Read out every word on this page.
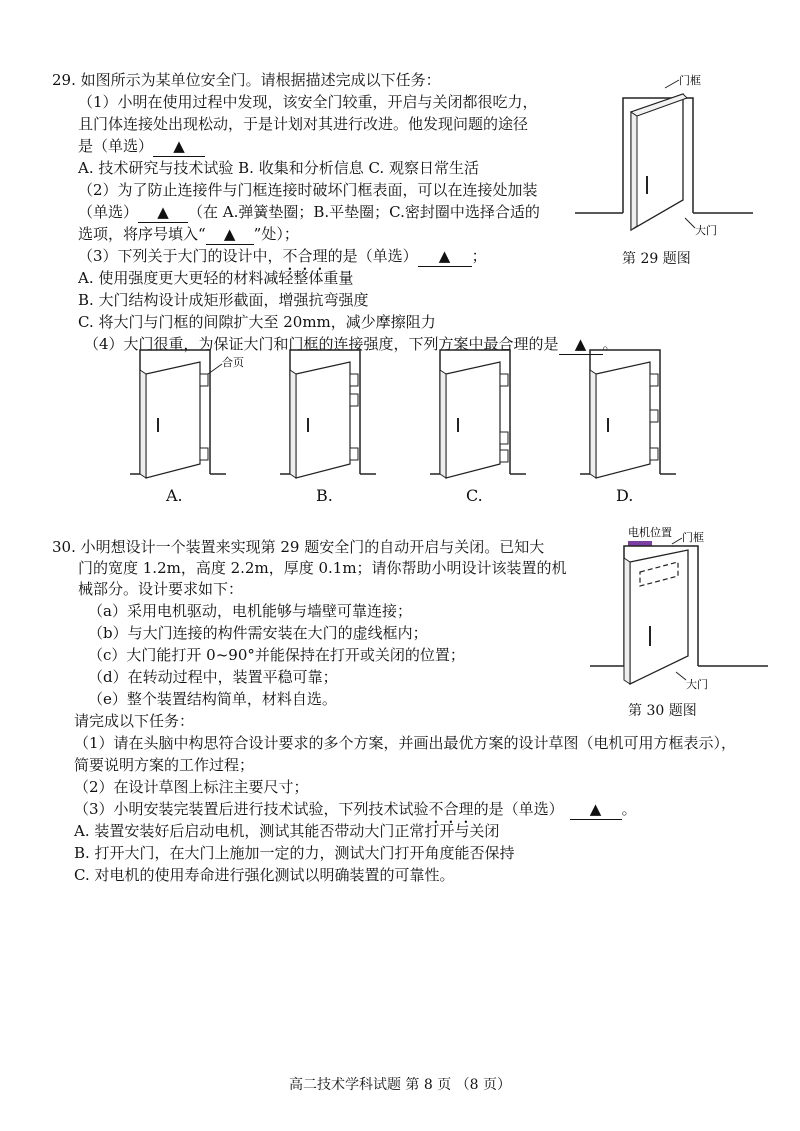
29. 如图所示为某单位安全门。请根据描述完成以下任务：
（1）小明在使用过程中发现，该安全门较重，开启与关闭都很吃力，
且门体连接处出现松动，于是计划对其进行改进。他发现问题的途径
是（单选） ▲
A. 技术研究与技术试验 B. 收集和分析信息 C. 观察日常生活
（2）为了防止连接件与门框连接时破坏门框表面，可以在连接处加装
（单选） ▲ （在 A.弹簧垫圈；B.平垫圈；C.密封圈中选择合适的
选项，将序号填入“ ▲ ”处）；
（3）下列关于大门的设计中，不合理的是（单选） ▲ ；
A. 使用强度更大更轻的材料减轻整体重量
B. 大门结构设计成矩形截面，增强抗弯强度
C. 将大门与门框的间隙扩大至 20mm，减少摩擦阻力
（4）大门很重，为保证大门和门框的连接强度，下列方案中最合理的是 ▲ 。
门框
大门
第 29 题图
合页
A.	B.	C.	D.
30. 小明想设计一个装置来实现第 29 题安全门的自动开启与关闭。已知大
门的宽度 1.2m，高度 2.2m，厚度 0.1m；请你帮助小明设计该装置的机
械部分。设计要求如下：
（a）采用电机驱动，电机能够与墙壁可靠连接；
（b）与大门连接的构件需安装在大门的虚线框内；
（c）大门能打开 0~90°并能保持在打开或关闭的位置；
（d）在转动过程中，装置平稳可靠；
（e）整个装置结构简单，材料自选。
请完成以下任务：
（1）请在头脑中构思符合设计要求的多个方案，并画出最优方案的设计草图（电机可用方框表示），
简要说明方案的工作过程；
（2）在设计草图上标注主要尺寸；
（3）小明安装完装置后进行技术试验，下列技术试验不合理的是（单选） ▲ 。
A. 装置安装好后启动电机，测试其能否带动大门正常打开与关闭
B. 打开大门，在大门上施加一定的力，测试大门打开角度能否保持
C. 对电机的使用寿命进行强化测试以明确装置的可靠性。
电机位置 门框
大门
第 30 题图
高二技术学科试题 第 8 页 （8 页）
